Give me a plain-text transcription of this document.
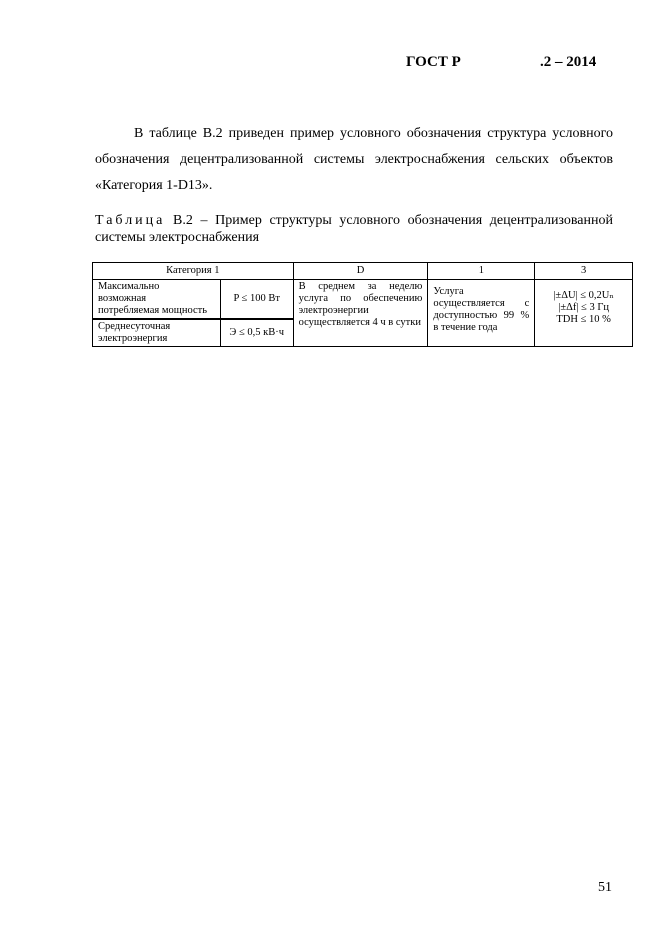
ГОСТ Р	.2 – 2014
В таблице В.2 приведен пример условного обозначения структура условного
обозначения децентрализованной системы электроснабжения сельских объектов
«Категория 1-D13».
Таблица В.2 – Пример структуры условного обозначения децентрализованной
системы электроснабжения
Категория 1		D	1	3

Максимально
возможная
потребляемая мощность	P ≤ 100 Вт	В среднем за неделю услуга по обеспечению электроэнергии осуществляется 4 ч в сутки	Услуга осуществляется с доступностью 99 % в течение года	|±ΔU| ≤ 0,2Uₙ
|±Δf| ≤ 3 Гц
TDH ≤ 10 %

Среднесуточная
электроэнергия	Э ≤ 0,5 кВ·ч			
51
